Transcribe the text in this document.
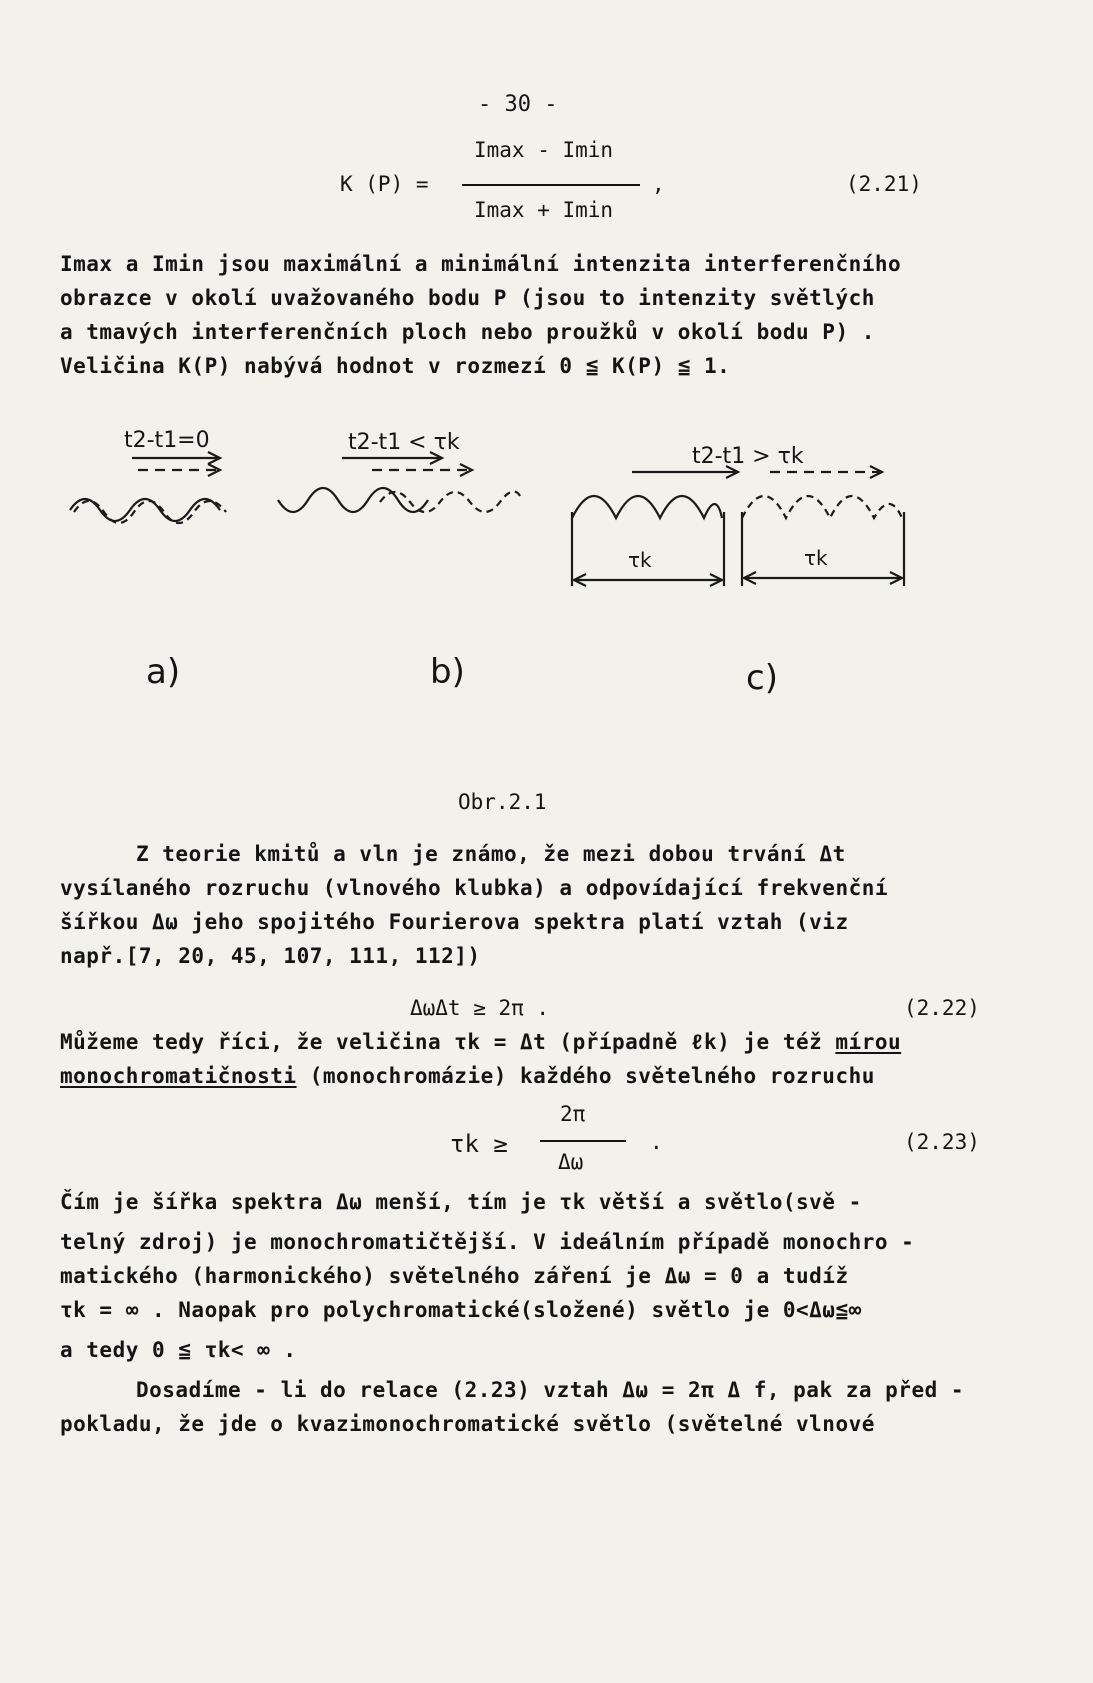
- 30 -
K (P) =
Imax - Imin
Imax + Imin
,	(2.21)
Imax a Imin jsou maximální a minimální intenzita interferenčního
obrazce v okolí uvažovaného bodu P (jsou to intenzity světlých
a tmavých interferenčních ploch nebo proužků v okolí bodu P) .
Veličina K(P) nabývá hodnot v rozmezí 0 ≦ K(P) ≦ 1.
t2-t1=0	t2-t1 < τk
t2-t1 > τk
τk	τk
a)	b)	c)
Obr.2.1
Z teorie kmitů a vln je známo, že mezi dobou trvání Δt
vysílaného rozruchu (vlnového klubka) a odpovídající frekvenční
šířkou Δω jeho spojitého Fourierova spektra platí vztah (viz
např.[7, 20, 45, 107, 111, 112])
ΔωΔt ≥ 2π .	(2.22)
Můžeme tedy říci, že veličina τk = Δt (případně ℓk) je též mírou
monochromatičnosti (monochromázie) každého světelného rozruchu
τk ≥
2π
Δω
.	(2.23)
Čím je šířka spektra Δω menší, tím je τk větší a světlo(svě -
telný zdroj) je monochromatičtější. V ideálním případě monochro -
matického (harmonického) světelného záření je Δω = 0 a tudíž
τk = ∞ . Naopak pro polychromatické(složené) světlo je 0<Δω≦∞
a tedy 0 ≦ τk< ∞ .
Dosadíme - li do relace (2.23) vztah Δω = 2π Δ f, pak za před -
pokladu, že jde o kvazimonochromatické světlo (světelné vlnové
